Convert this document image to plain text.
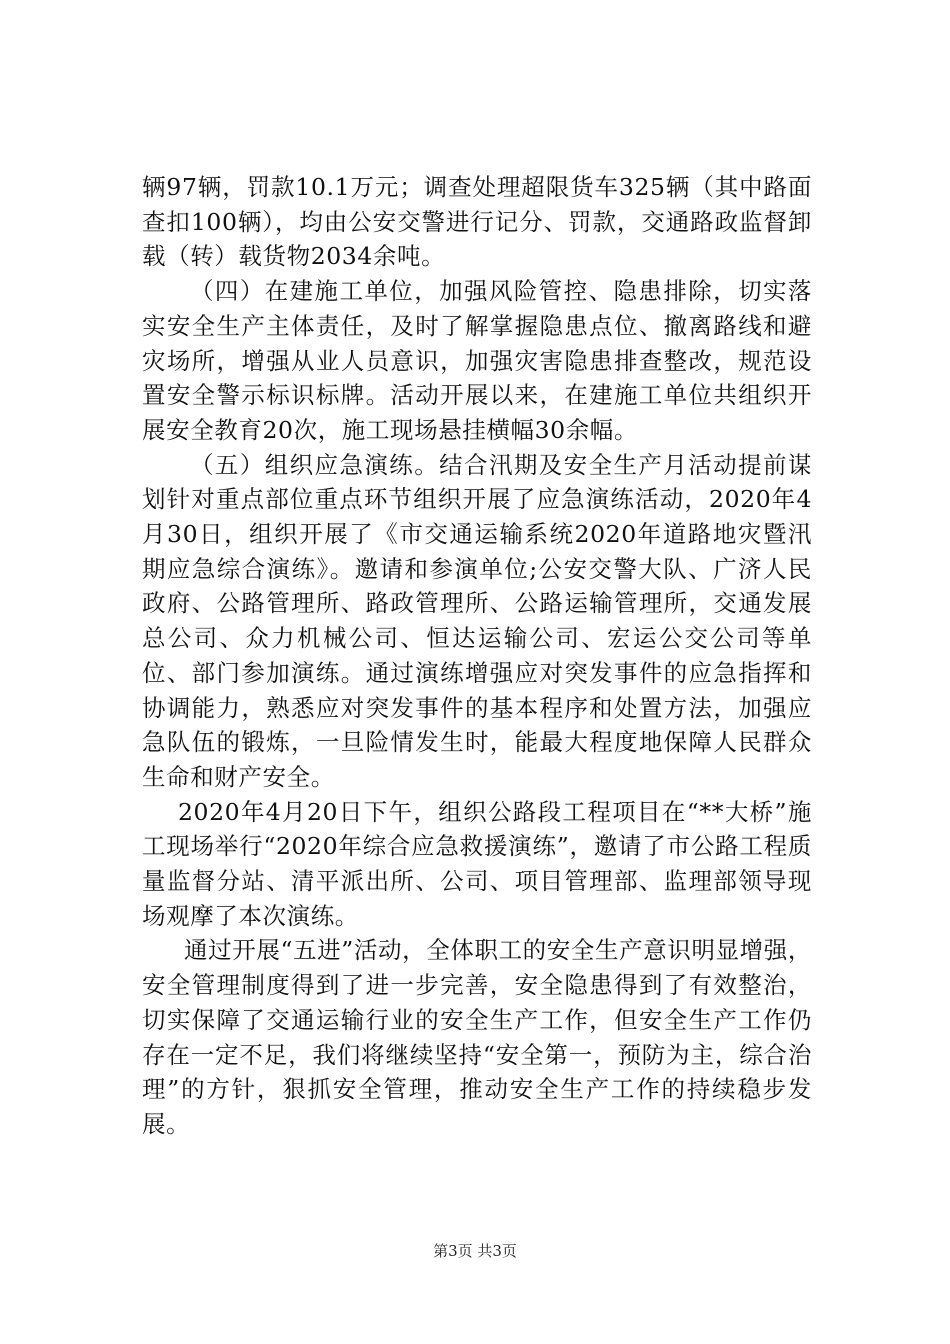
辆97辆，罚款10.1万元；调查处理超限货车325辆（其中路面查扣100辆），均由公安交警进行记分、罚款，交通路政监督卸载（转）载货物2034余吨。

（四）在建施工单位，加强风险管控、隐患排除，切实落实安全生产主体责任，及时了解掌握隐患点位、撤离路线和避灾场所，增强从业人员意识，加强灾害隐患排查整改，规范设置安全警示标识标牌。活动开展以来，在建施工单位共组织开展安全教育20次，施工现场悬挂横幅30余幅。

（五）组织应急演练。结合汛期及安全生产月活动提前谋划针对重点部位重点环节组织开展了应急演练活动，2020年4月30日，组织开展了《市交通运输系统2020年道路地灾暨汛期应急综合演练》。邀请和参演单位;公安交警大队、广济人民政府、公路管理所、路政管理所、公路运输管理所，交通发展总公司、众力机械公司、恒达运输公司、宏运公交公司等单位、部门参加演练。通过演练增强应对突发事件的应急指挥和协调能力，熟悉应对突发事件的基本程序和处置方法，加强应急队伍的锻炼，一旦险情发生时，能最大程度地保障人民群众生命和财产安全。

2020年4月20日下午，组织公路段工程项目在“**大桥”施工现场举行“2020年综合应急救援演练”，邀请了市公路工程质量监督分站、清平派出所、公司、项目管理部、监理部领导现场观摩了本次演练。

通过开展“五进”活动，全体职工的安全生产意识明显增强，安全管理制度得到了进一步完善，安全隐患得到了有效整治，切实保障了交通运输行业的安全生产工作，但安全生产工作仍存在一定不足，我们将继续坚持“安全第一，预防为主，综合治理”的方针，狠抓安全管理，推动安全生产工作的持续稳步发展。

第3页 共3页
